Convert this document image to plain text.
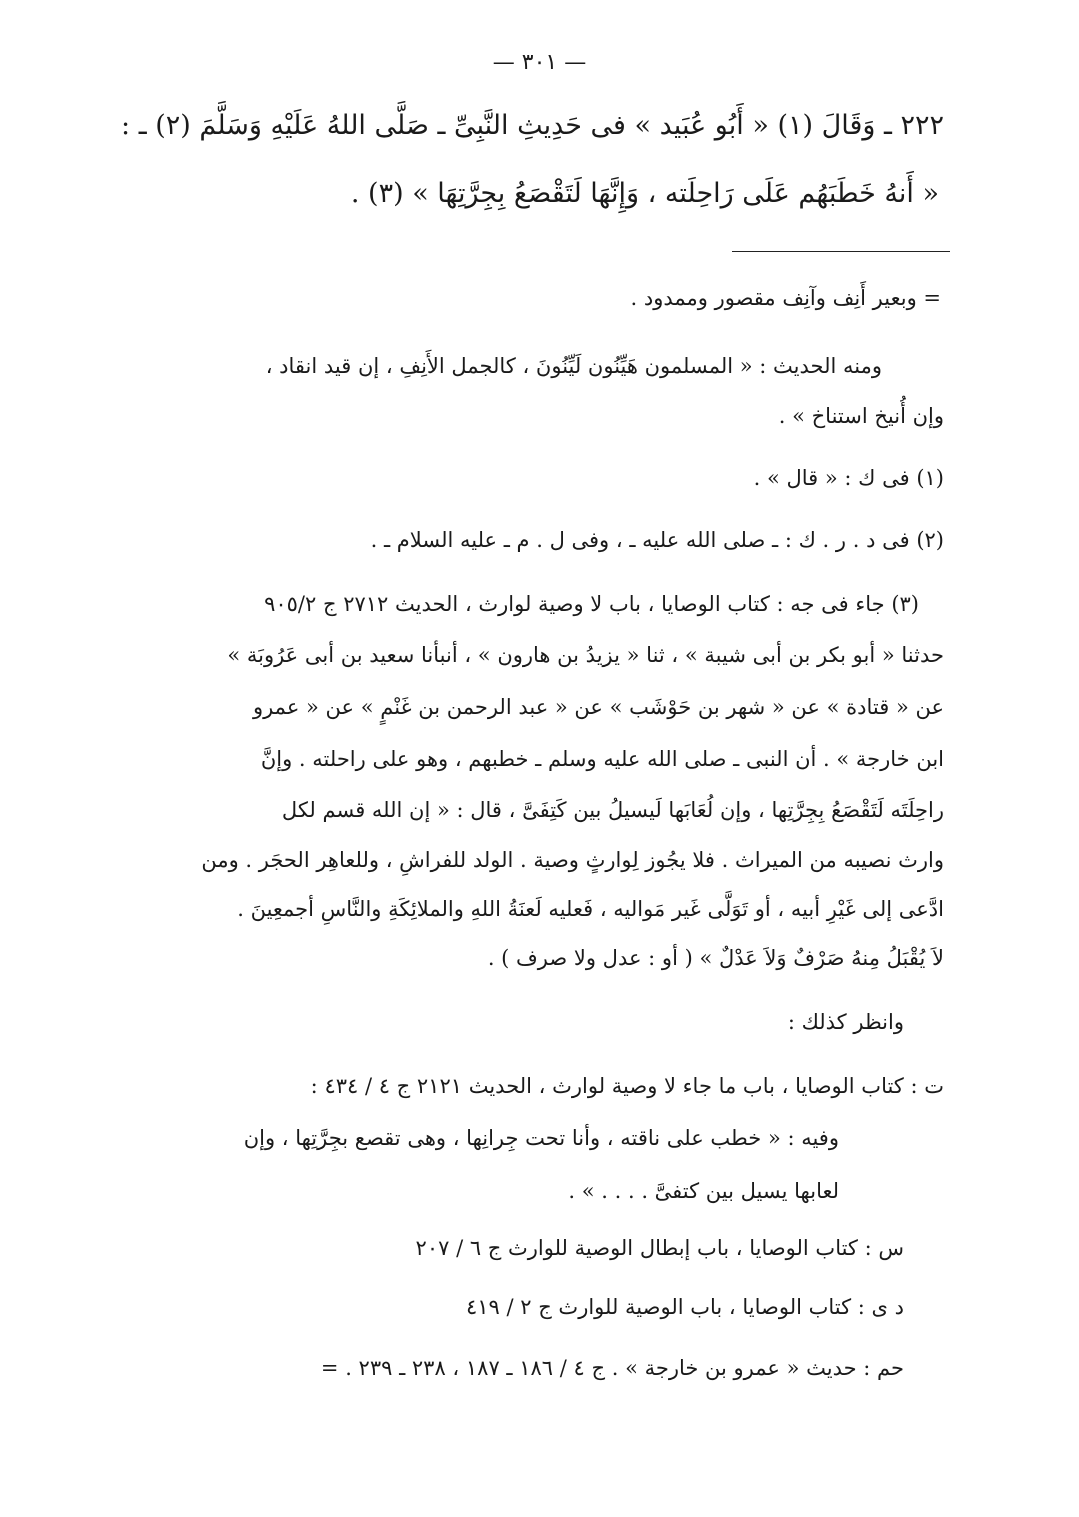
— ٣٠١ —
٢٢٢ ـ وَقَالَ (١) « أَبُو عُبَيد » فى حَدِيثِ النَّبِىِّ ـ صَلَّى اللهُ عَلَيْهِ وَسَلَّمَ (٢) ـ :
« أَنهُ خَطَبَهُم عَلَى رَاحِلَته ، وَإِنَّهَا لَتَقْصَعُ بِجِرَّتِهَا » (٣) .
= وبعير أَنِف وآنِف مقصور وممدود .
ومنه الحديث : « المسلمون هَيِّنُون لَيِّنُونَ ، كالجمل الأَنِفِ ، إن قيد انقاد ،
وإن أُنيخ استناخ » .
(١) فى ك : « قال » .
(٢) فى د . ر . ك : ـ صلى الله عليه ـ ، وفى ل . م ـ عليه السلام ـ .
(٣) جاء فى جه : كتاب الوصايا ، باب لا وصية لوارث ، الحديث ٢٧١٢ ج ٩٠٥/٢
حدثنا « أبو بكر بن أبى شيبة » ، ثنا « يزيدُ بن هارون » ، أنبأنا سعيد بن أبى عَرُوبَة »
عن « قتادة » عن « شهر بن حَوْشَب » عن « عبد الرحمن بن غَنْمٍ » عن « عمرو
ابن خارجة » . أن النبى ـ صلى الله عليه وسلم ـ خطبهم ، وهو على راحلته . وإنَّ
راحِلَتَه لَتَقْصَعُ بِجِرَّتِها ، وإن لُعَابَها لَيسيلُ بين كَتِفَىَّ ، قال : « إن الله قسم لكل
وارث نصيبه من الميراث . فلا يجُوز لِوارثٍ وصية . الولد للفراشِ ، وللعاهِر الحجَر . ومن
ادَّعى إلى غَيْرِ أبيه ، أو تَوَلَّى غَير مَواليه ، فَعليه لَعنَةُ اللهِ والملائِكَةِ والنَّاسِ أجمعِينَ .
لاَ يُقْبَلُ مِنهُ صَرْفٌ وَلاَ عَدْلٌ » ( أو : عدل ولا صرف ) .
وانظر كذلك :
ت : كتاب الوصايا ، باب ما جاء لا وصية لوارث ، الحديث ٢١٢١ ج ٤ / ٤٣٤ :
وفيه : « خطب على ناقته ، وأنا تحت جِرانِها ، وهى تقصع بجِرَّتِها ، وإن
لعابها يسيل بين كتفىَّ . . . . » .
س : كتاب الوصايا ، باب إبطال الوصية للوارث ج ٦ / ٢٠٧
د ى : كتاب الوصايا ، باب الوصية للوارث ج ٢ / ٤١٩
حم : حديث « عمرو بن خارجة » . ج ٤ / ١٨٦ ـ ١٨٧ ، ٢٣٨ ـ ٢٣٩ . =
